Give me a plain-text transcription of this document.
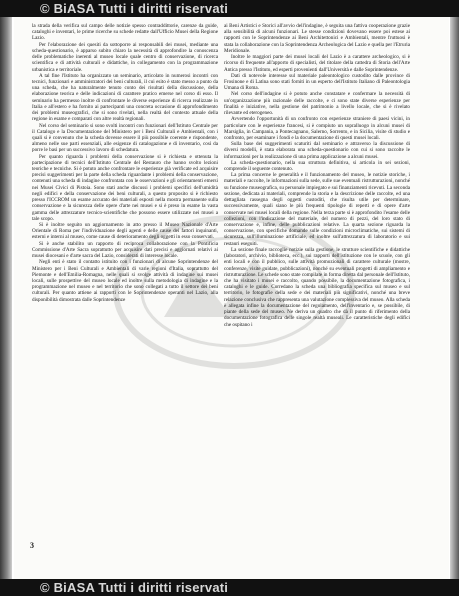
© BiASA Tutti i diritti riservati

la strada della verifica sul campo delle notizie spesso contraddittorie, carenze da guide, cataloghi e inventari, le prime ricerche su schede redatte dall'Ufficio Musei della Regione Lazio.

Per l'elaborazione dei quesiti da sottoporre ai responsabili dei musei, mediante una scheda-questionario, è apparso subito chiaro la necessità di approfondire la conoscenza delle problematiche inerenti al museo locale quale centro di conservazione, di ricerca scientifica e di attività culturali e didattiche, in collegamento con la programmazione urbanistica e territoriale.

A tal fine l'Istituto ha organizzato un seminario, articolato in numerosi incontri con tecnici, funzionari e amministratori dei beni culturali, il cui esito è stato messo a punto da una scheda, che ha naturalmente tenuto conto dei risultati della discussione, della elaborazione teorica e delle indicazioni di carattere pratico emerse nel corso di esso. Il seminario ha permesso inoltre di confrontare le diverse esperienze di ricerca realizzate in Italia e all'estero e ha fornito ai partecipanti una concreta occasione di approfondimento dei problemi museografici, che si sono rivelati, nella realtà del contesto attuale della regione in esame e comparati con altre realtà regionali.

Nel corso del seminario si sono svolti incontri con funzionari dell'Istituto Centrale per il Catalogo e la Documentazione del Ministero per i Beni Culturali e Ambientali, con i quali si è convenuto che la scheda dovesse essere il più possibile coerente e rispondente, almeno nelle sue parti essenziali, alle esigenze di catalogazione e di inventario, così da porre le basi per un successivo lavoro di schedatura.

Per quanto riguarda i problemi della conservazione si è richiesta e ottenuta la partecipazione di tecnici dell'Istituto Centrale del Restauro che hanno svolto lezioni teoriche e tecniche. Si è potuto anche confrontare le esperienze già verificate ed acquisire precisi suggerimenti per la parte della scheda riguardante i problemi della conservazione, contenuti una scheda di indagine confrontata con le osservazioni e gli orientamenti emersi nei Musei Civici di Pistoia. Sono stati anche discussi i problemi specifici dell'umidità negli edifici e della conservazione dei beni culturali, a questo proposito si è richiesto presso l'ICCROM un esame accurato dei materiali esposti nella mostra permanente sulla conservazione e la sicurezza delle opere d'arte nei musei e si è preso in esame la vasta gamma delle attrezzature tecnico-scientifiche che possono essere utilizzate nei musei a tale scopo.

Si è inoltre seguito un aggiornamento in atto presso il Museo Nazionale d'Arte Orientale di Roma per l'individuazione degli agenti e delle cause dei fattori inquinanti, esterni e interni al museo, come cause di deterioramento degli oggetti in esso conservati.

Si è anche stabilito un rapporto di reciproca collaborazione con la Pontificia Commissione d'Arte Sacra soprattutto per acquisire dati precisi e aggiornati relativi ai musei diocesani e d'arte sacra del Lazio, considerati di interesse locale.

Negli enti è stato il contatto istituito con i funzionari di alcune Soprintendenze del Ministero per i Beni Culturali e Ambientali di varie regioni d'Italia, soprattutto del Piemonte e dell'Emilia-Romagna, nelle quali si svolge attività di indagine sui musei locali, sulle prospettive del museo locale ed inoltre sulla metodologia di indagine e la programmazione nel museo e nel territorio che sono collegati a tutto il settore dei beni culturali. Per quanto attiene ai rapporti con le Soprintendenze operanti nel Lazio, alla disponibilità dimostrata dalle Soprintendenze

ai Beni Artistici e Storici all'avvio dell'indagine, è seguita una fattiva cooperazione grazie alla sensibilità di alcuni funzionari. Le stesse condizioni dovevano essere poi estese ai rapporti con le Soprintendenze ai Beni Architettonici e Ambientali, mentre fruttuosi è stata la collaborazione con la Soprintendenza Archeologica del Lazio e quella per l'Etruria Meridionale.

Inoltre le maggiori parte dei musei locali del Lazio è a carattere archeologico, si è ricorso di frequente all'apporto di specialisti, del titolare della cattedra di Storia dell'Arte Antica presso l'Istituto, ed esperti provenienti dall'Università e dalle Soprintendenze.

Dati di notevole interesse sul materiale paleontologico custodito dalle province di Frosinone e di Latina sono stati forniti in un esperto dell'Istituto Italiano di Paleontologia Umana di Roma.

Nel corso dell'indagine si è potuto anche constatare e confermare la necessità di un'organizzazione più razionale delle raccolte, e ci sono state diverse esperienze per finalità e iniziative, nella gestione del patrimonio a livello locale, che si è rivelato rilevante ed eterogeneo.

Avvertendo l'opportunità di un confronto con esperienze straniere di paesi vicini, in particolare con le esperienze francesi, si è compiuto un sopralluogo in alcuni musei di Marsiglia, in Campania, a Pontecagnano, Salerno, Sorrento, e in Sicilia, visite di studio e confronto, per esaminare i fondi e la documentazione di questi musei locali.

Sulla base dei suggerimenti scaturiti dal seminario e attraverso la discussione di diversi modelli, è stata elaborata una scheda-questionario con cui si sono raccolte le informazioni per la realizzazione di una prima applicazione a alcuni musei.

La scheda-questionario, nella sua struttura definitiva, si articola in sei sezioni, comprende il seguente contenuto.

La prima concerne le generalità e il funzionamento del museo, le notizie storiche, i materiali e raccolte, le informazioni sulla sede, sulle sue eventuali ristrutturazioni, nonché su funzione museografica, su personale impiegato e sui finanziamenti ricevuti. La seconda sezione, dedicata ai materiali, comprende la storia e la descrizione delle raccolte, ed una dettagliata rassegna degli oggetti custoditi, che risulta utile per determinare, successivamente, quali siano le più frequenti tipologie di reperti e di opere d'arte conservate nei musei locali della regione. Nella terza parte si è approfondito l'esame delle collezioni, con l'indicazione del materiale, del numero di pezzi, del loro stato di conservazione e, infine, delle pubblicazioni relative. La quarta sezione riguarda la conservazione, con specifiche domande sulle condizioni microclimatiche, sui sistemi di sicurezza, sull'illuminazione artificiale, ed inoltre sull'attrezzatura di laboratorio e sui restauri eseguiti.

La sezione finale raccoglie notizie sulla gestione, le strutture scientifiche e didattiche (laboratori, archivio, biblioteca, ecc.), sui rapporti dell'istituzione con le scuole, con gli enti locali e con il pubblico, sulle attività promozionali di carattere culturale (mostre, conferenze, visite guidate, pubblicazioni), nonché su eventuali progetti di ampliamento e ristrutturazione. Le schede sono state compilate in forma diretta dal personale dell'Istituto, che ha visitato i musei e raccolto, quando possibile, la documentazione fotografica, i cataloghi e le guide. Corredano la scheda una bibliografia specifica sul museo e sul territorio, le fotografie della sede e dei materiali più significativi, nonché una breve relazione conclusiva che rappresenta una valutazione complessiva del museo. Alla scheda è allegata infine la documentazione del regolamento, dell'inventario e, se possibile, di piante della sede del museo. Ne deriva un quadro che dà il punto di riferimento della documentazione fotografica delle singole realtà museali. Le caratteristiche degli edifici che ospitano i

3
© BiASA Tutti i diritti riservati
